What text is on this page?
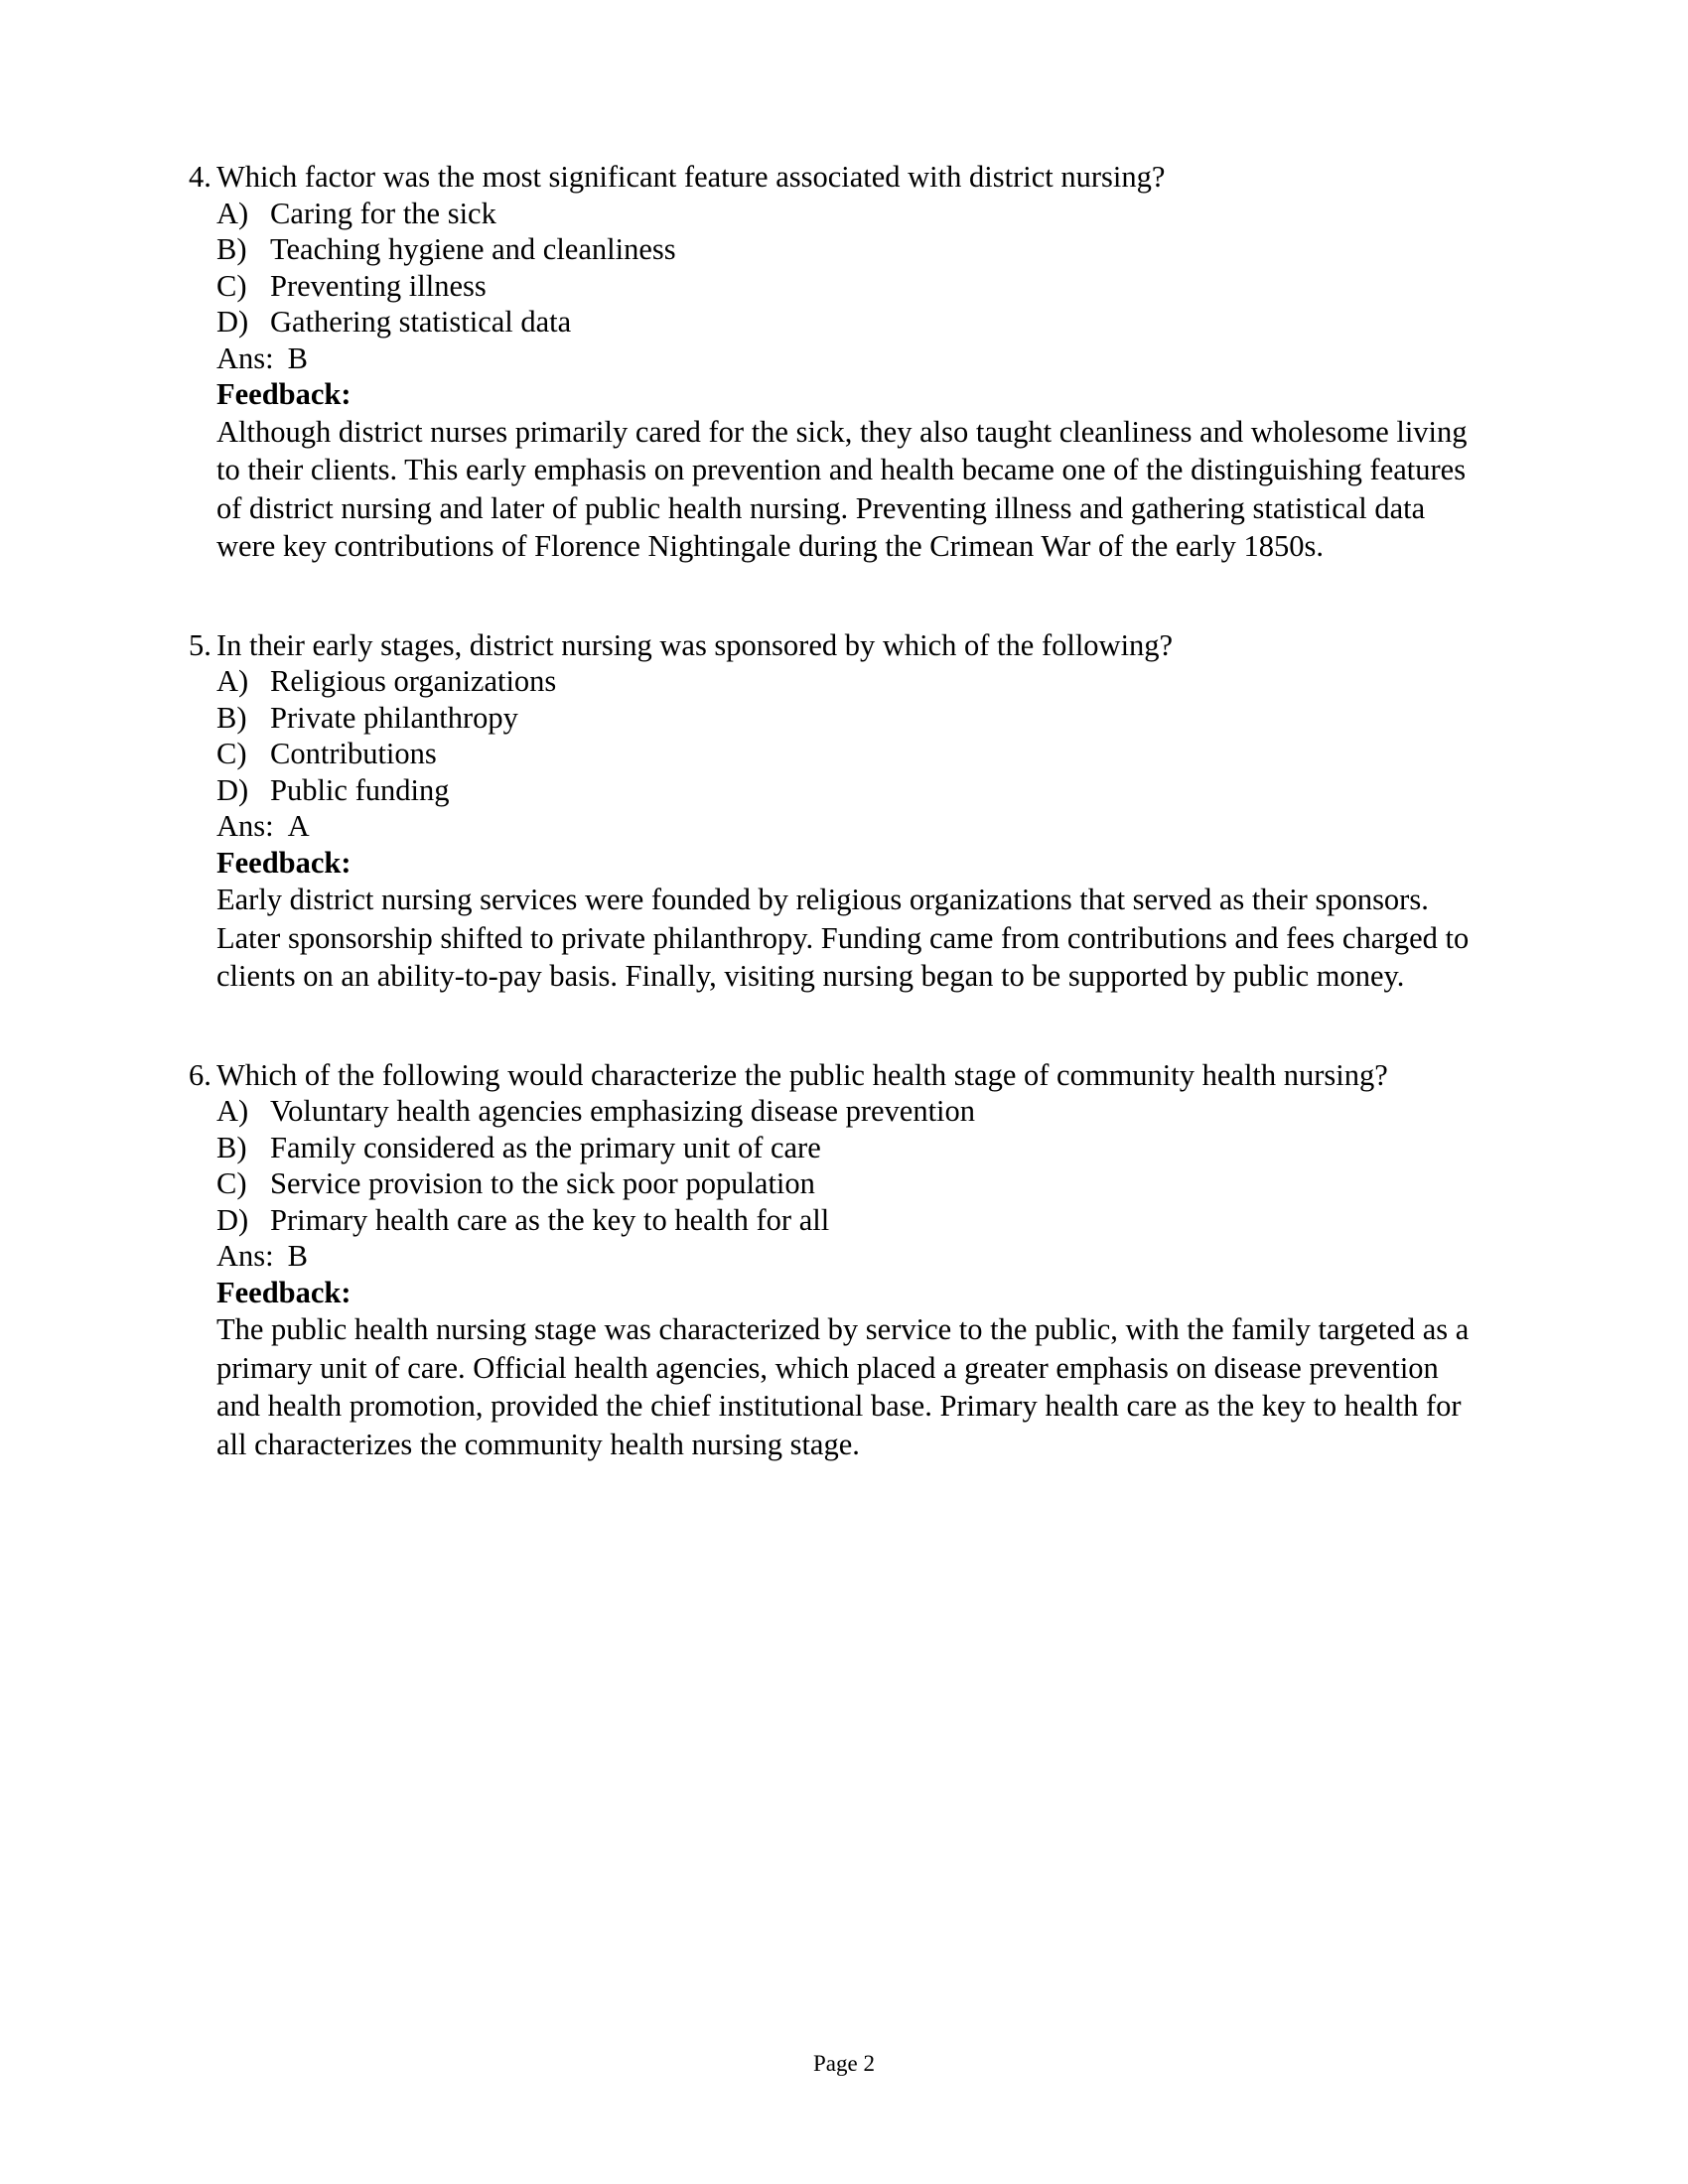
4. Which factor was the most significant feature associated with district nursing?
A) Caring for the sick
B) Teaching hygiene and cleanliness
C) Preventing illness
D) Gathering statistical data
Ans: B
Feedback:
Although district nurses primarily cared for the sick, they also taught cleanliness and wholesome living to their clients. This early emphasis on prevention and health became one of the distinguishing features of district nursing and later of public health nursing. Preventing illness and gathering statistical data were key contributions of Florence Nightingale during the Crimean War of the early 1850s.
5. In their early stages, district nursing was sponsored by which of the following?
A) Religious organizations
B) Private philanthropy
C) Contributions
D) Public funding
Ans: A
Feedback:
Early district nursing services were founded by religious organizations that served as their sponsors. Later sponsorship shifted to private philanthropy. Funding came from contributions and fees charged to clients on an ability-to-pay basis. Finally, visiting nursing began to be supported by public money.
6. Which of the following would characterize the public health stage of community health nursing?
A) Voluntary health agencies emphasizing disease prevention
B) Family considered as the primary unit of care
C) Service provision to the sick poor population
D) Primary health care as the key to health for all
Ans: B
Feedback:
The public health nursing stage was characterized by service to the public, with the family targeted as a primary unit of care. Official health agencies, which placed a greater emphasis on disease prevention and health promotion, provided the chief institutional base. Primary health care as the key to health for all characterizes the community health nursing stage.
Page 2
